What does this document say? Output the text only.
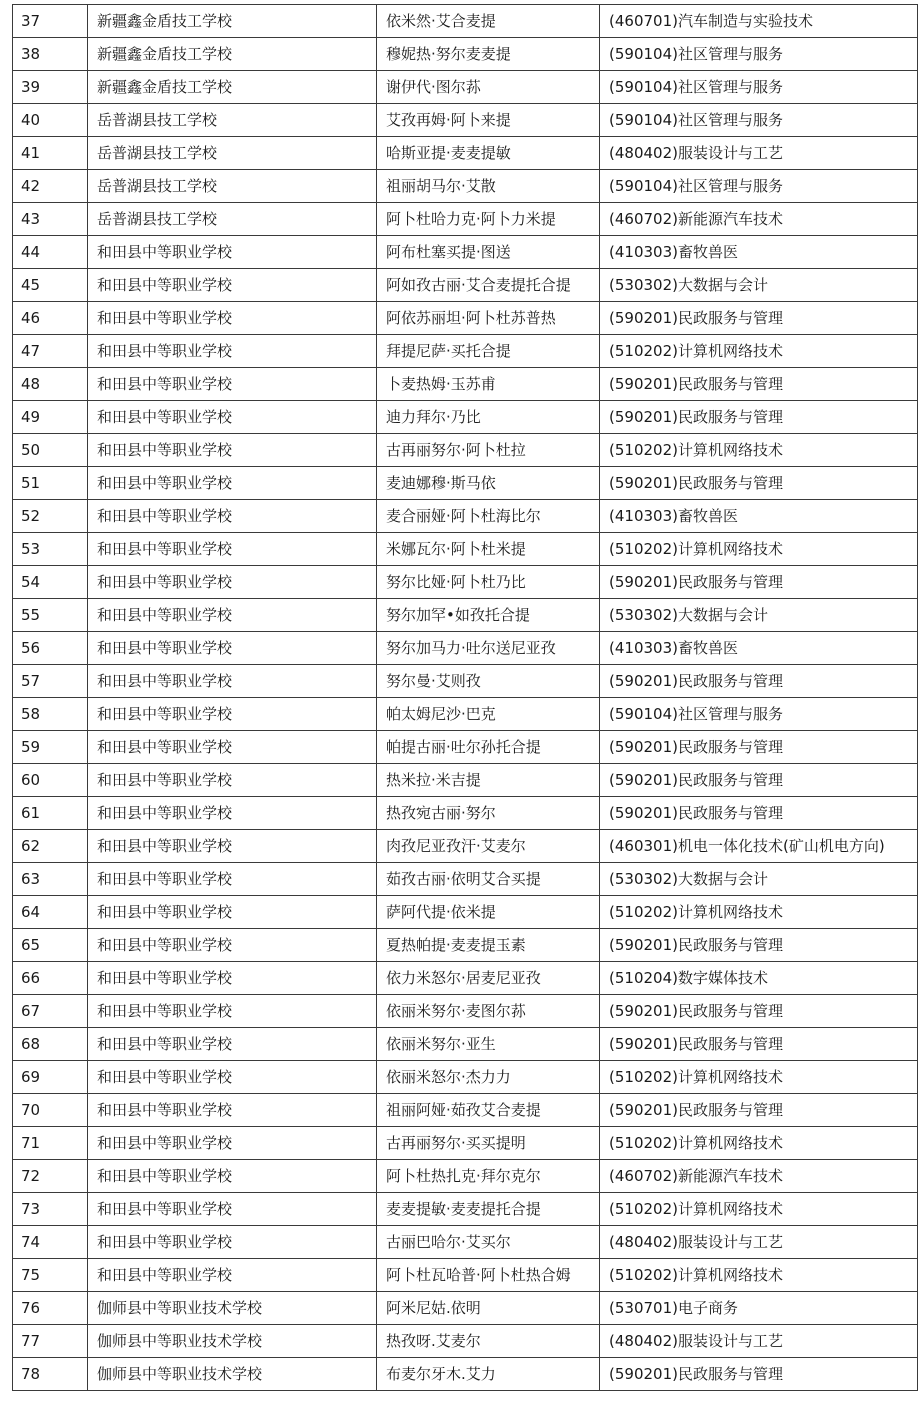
37	新疆鑫金盾技工学校	依米然·艾合麦提	(460701)汽车制造与实验技术
38	新疆鑫金盾技工学校	穆妮热·努尔麦麦提	(590104)社区管理与服务
39	新疆鑫金盾技工学校	谢伊代·图尔荪	(590104)社区管理与服务
40	岳普湖县技工学校	艾孜再姆·阿卜来提	(590104)社区管理与服务
41	岳普湖县技工学校	哈斯亚提·麦麦提敏	(480402)服装设计与工艺
42	岳普湖县技工学校	祖丽胡马尔·艾散	(590104)社区管理与服务
43	岳普湖县技工学校	阿卜杜哈力克·阿卜力米提	(460702)新能源汽车技术
44	和田县中等职业学校	阿布杜塞买提·图送	(410303)畜牧兽医
45	和田县中等职业学校	阿如孜古丽·艾合麦提托合提	(530302)大数据与会计
46	和田县中等职业学校	阿依苏丽坦·阿卜杜苏普热	(590201)民政服务与管理
47	和田县中等职业学校	拜提尼萨·买托合提	(510202)计算机网络技术
48	和田县中等职业学校	卜麦热姆·玉苏甫	(590201)民政服务与管理
49	和田县中等职业学校	迪力拜尔·乃比	(590201)民政服务与管理
50	和田县中等职业学校	古再丽努尔·阿卜杜拉	(510202)计算机网络技术
51	和田县中等职业学校	麦迪娜穆·斯马依	(590201)民政服务与管理
52	和田县中等职业学校	麦合丽娅·阿卜杜海比尔	(410303)畜牧兽医
53	和田县中等职业学校	米娜瓦尔·阿卜杜米提	(510202)计算机网络技术
54	和田县中等职业学校	努尔比娅·阿卜杜乃比	(590201)民政服务与管理
55	和田县中等职业学校	努尔加罕•如孜托合提	(530302)大数据与会计
56	和田县中等职业学校	努尔加马力·吐尔送尼亚孜	(410303)畜牧兽医
57	和田县中等职业学校	努尔曼·艾则孜	(590201)民政服务与管理
58	和田县中等职业学校	帕太姆尼沙·巴克	(590104)社区管理与服务
59	和田县中等职业学校	帕提古丽·吐尔孙托合提	(590201)民政服务与管理
60	和田县中等职业学校	热米拉·米吉提	(590201)民政服务与管理
61	和田县中等职业学校	热孜宛古丽·努尔	(590201)民政服务与管理
62	和田县中等职业学校	肉孜尼亚孜汗·艾麦尔	(460301)机电一体化技术(矿山机电方向)
63	和田县中等职业学校	茹孜古丽·依明艾合买提	(530302)大数据与会计
64	和田县中等职业学校	萨阿代提·依米提	(510202)计算机网络技术
65	和田县中等职业学校	夏热帕提·麦麦提玉素	(590201)民政服务与管理
66	和田县中等职业学校	依力米怒尔·居麦尼亚孜	(510204)数字媒体技术
67	和田县中等职业学校	依丽米努尔·麦图尔荪	(590201)民政服务与管理
68	和田县中等职业学校	依丽米努尔·亚生	(590201)民政服务与管理
69	和田县中等职业学校	依丽米怒尔·杰力力	(510202)计算机网络技术
70	和田县中等职业学校	祖丽阿娅·茹孜艾合麦提	(590201)民政服务与管理
71	和田县中等职业学校	古再丽努尔·买买提明	(510202)计算机网络技术
72	和田县中等职业学校	阿卜杜热扎克·拜尔克尔	(460702)新能源汽车技术
73	和田县中等职业学校	麦麦提敏·麦麦提托合提	(510202)计算机网络技术
74	和田县中等职业学校	古丽巴哈尔·艾买尔	(480402)服装设计与工艺
75	和田县中等职业学校	阿卜杜瓦哈普·阿卜杜热合姆	(510202)计算机网络技术
76	伽师县中等职业技术学校	阿米尼姑.依明	(530701)电子商务
77	伽师县中等职业技术学校	热孜呀.艾麦尔	(480402)服装设计与工艺
78	伽师县中等职业技术学校	布麦尔牙木.艾力	(590201)民政服务与管理
